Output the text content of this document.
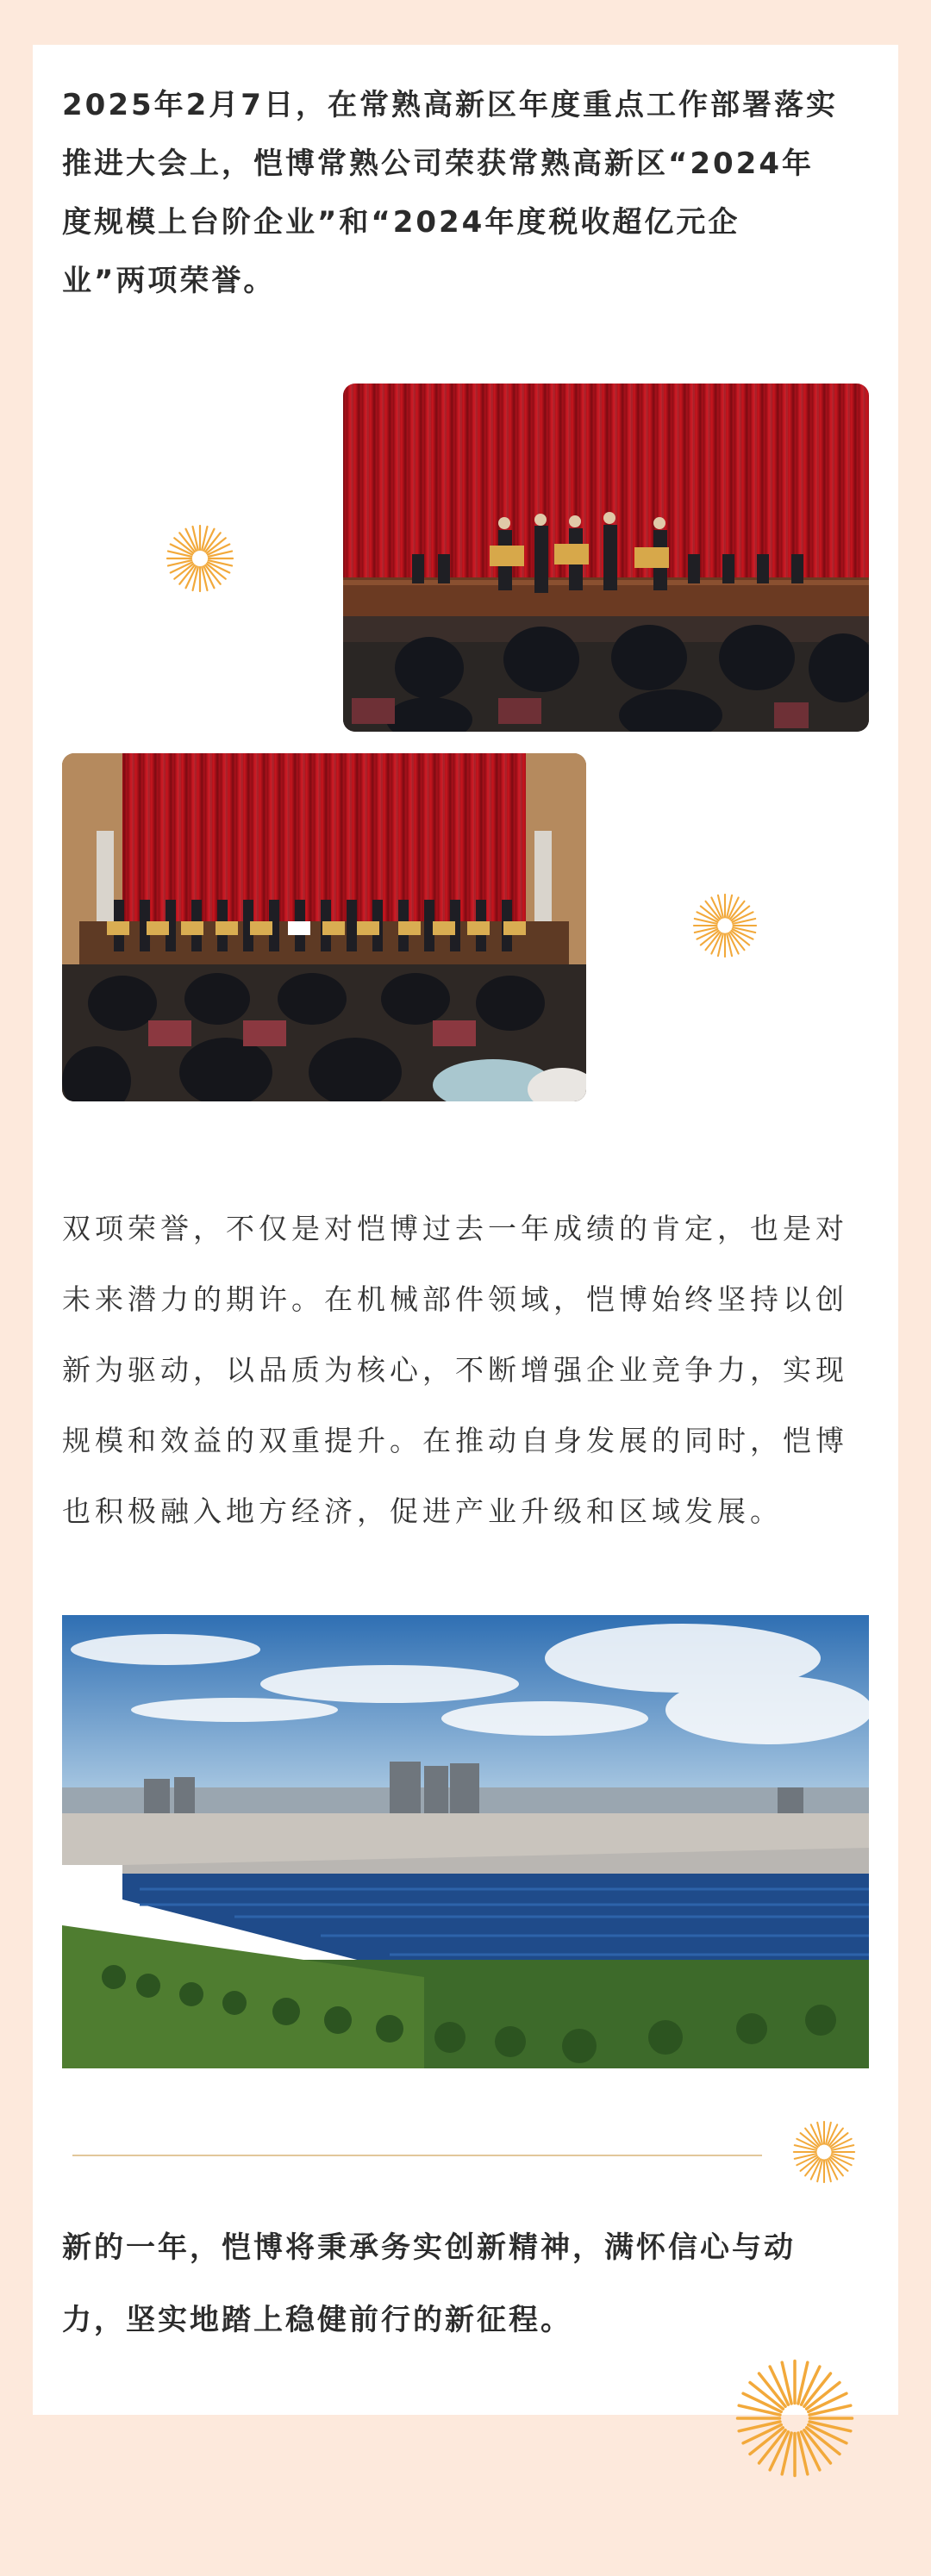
2025年2月7日，在常熟高新区年度重点工作部署落实
推进大会上，恺博常熟公司荣获常熟高新区“2024年
度规模上台阶企业”和“2024年度税收超亿元企
业”两项荣誉。

双项荣誉，不仅是对恺博过去一年成绩的肯定，也是对
未来潜力的期许。在机械部件领域，恺博始终坚持以创
新为驱动，以品质为核心，不断增强企业竞争力，实现
规模和效益的双重提升。在推动自身发展的同时，恺博
也积极融入地方经济，促进产业升级和区域发展。

新的一年，恺博将秉承务实创新精神，满怀信心与动
力，坚实地踏上稳健前行的新征程。
